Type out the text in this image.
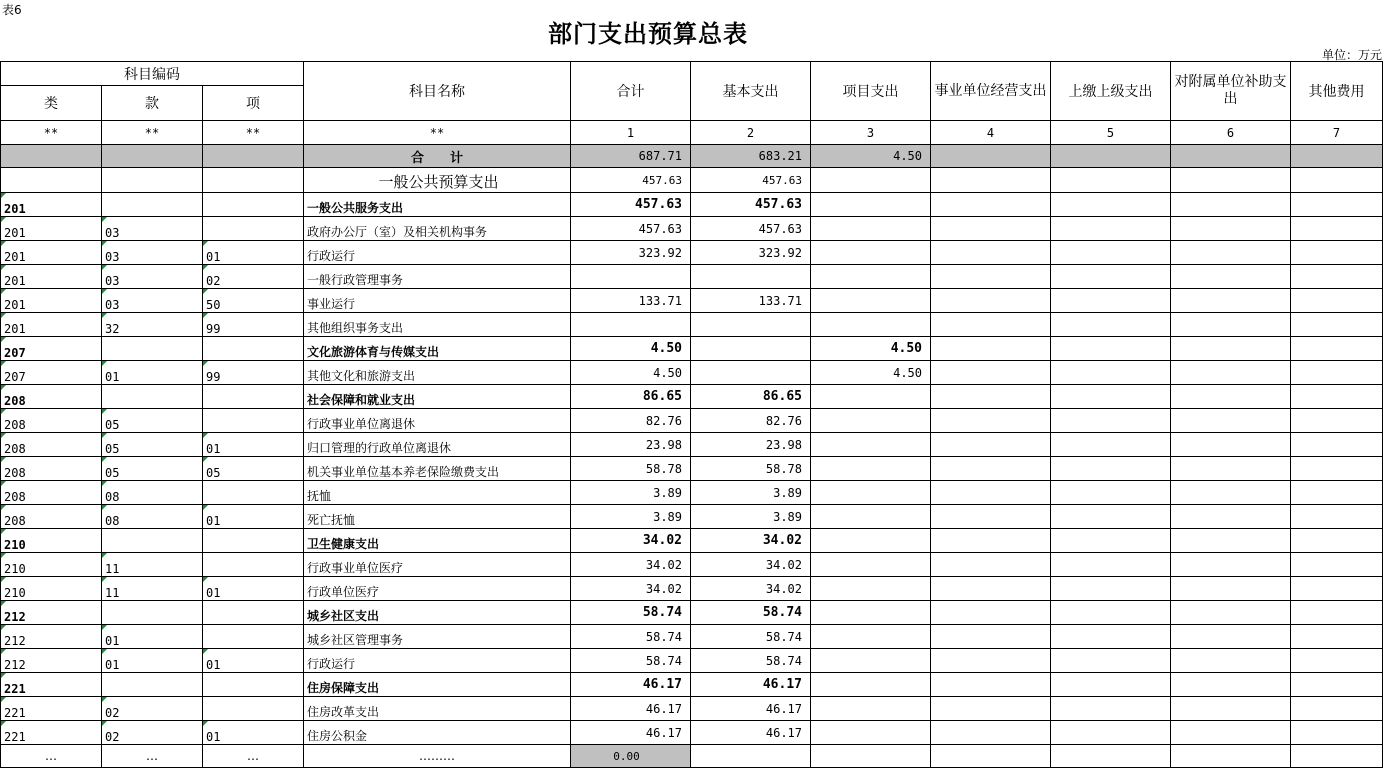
表6
部门支出预算总表
单位：万元
科目编码			科目名称	合计	基本支出	项目支出	事业单位经营支出	上缴上级支出	对附属单位补助支出	其他费用
类	款	项								
**	**	**	**	1	2	3	4	5	6	7
			合　　计	687.71	683.21	4.50				
			一般公共预算支出	457.63	457.63					

201			一般公共服务支出	457.63	457.63					

201	03		政府办公厅（室）及相关机构事务	457.63	457.63					

201	03	01	行政运行	323.92	323.92					

201	03	02	一般行政管理事务							

201	03	50	事业运行	133.71	133.71					

201	32	99	其他组织事务支出							

207			文化旅游体育与传媒支出	4.50		4.50				

207	01	99	其他文化和旅游支出	4.50		4.50				

208			社会保障和就业支出	86.65	86.65					

208	05		行政事业单位离退休	82.76	82.76					

208	05	01	归口管理的行政单位离退休	23.98	23.98					

208	05	05	机关事业单位基本养老保险缴费支出	58.78	58.78					

208	08		抚恤	3.89	3.89					

208	08	01	死亡抚恤	3.89	3.89					

210			卫生健康支出	34.02	34.02					

210	11		行政事业单位医疗	34.02	34.02					

210	11	01	行政单位医疗	34.02	34.02					

212			城乡社区支出	58.74	58.74					

212	01		城乡社区管理事务	58.74	58.74					

212	01	01	行政运行	58.74	58.74					

221			住房保障支出	46.17	46.17					

221	02		住房改革支出	46.17	46.17					

221	02	01	住房公积金	46.17	46.17					
…	…	…	………	0.00						
